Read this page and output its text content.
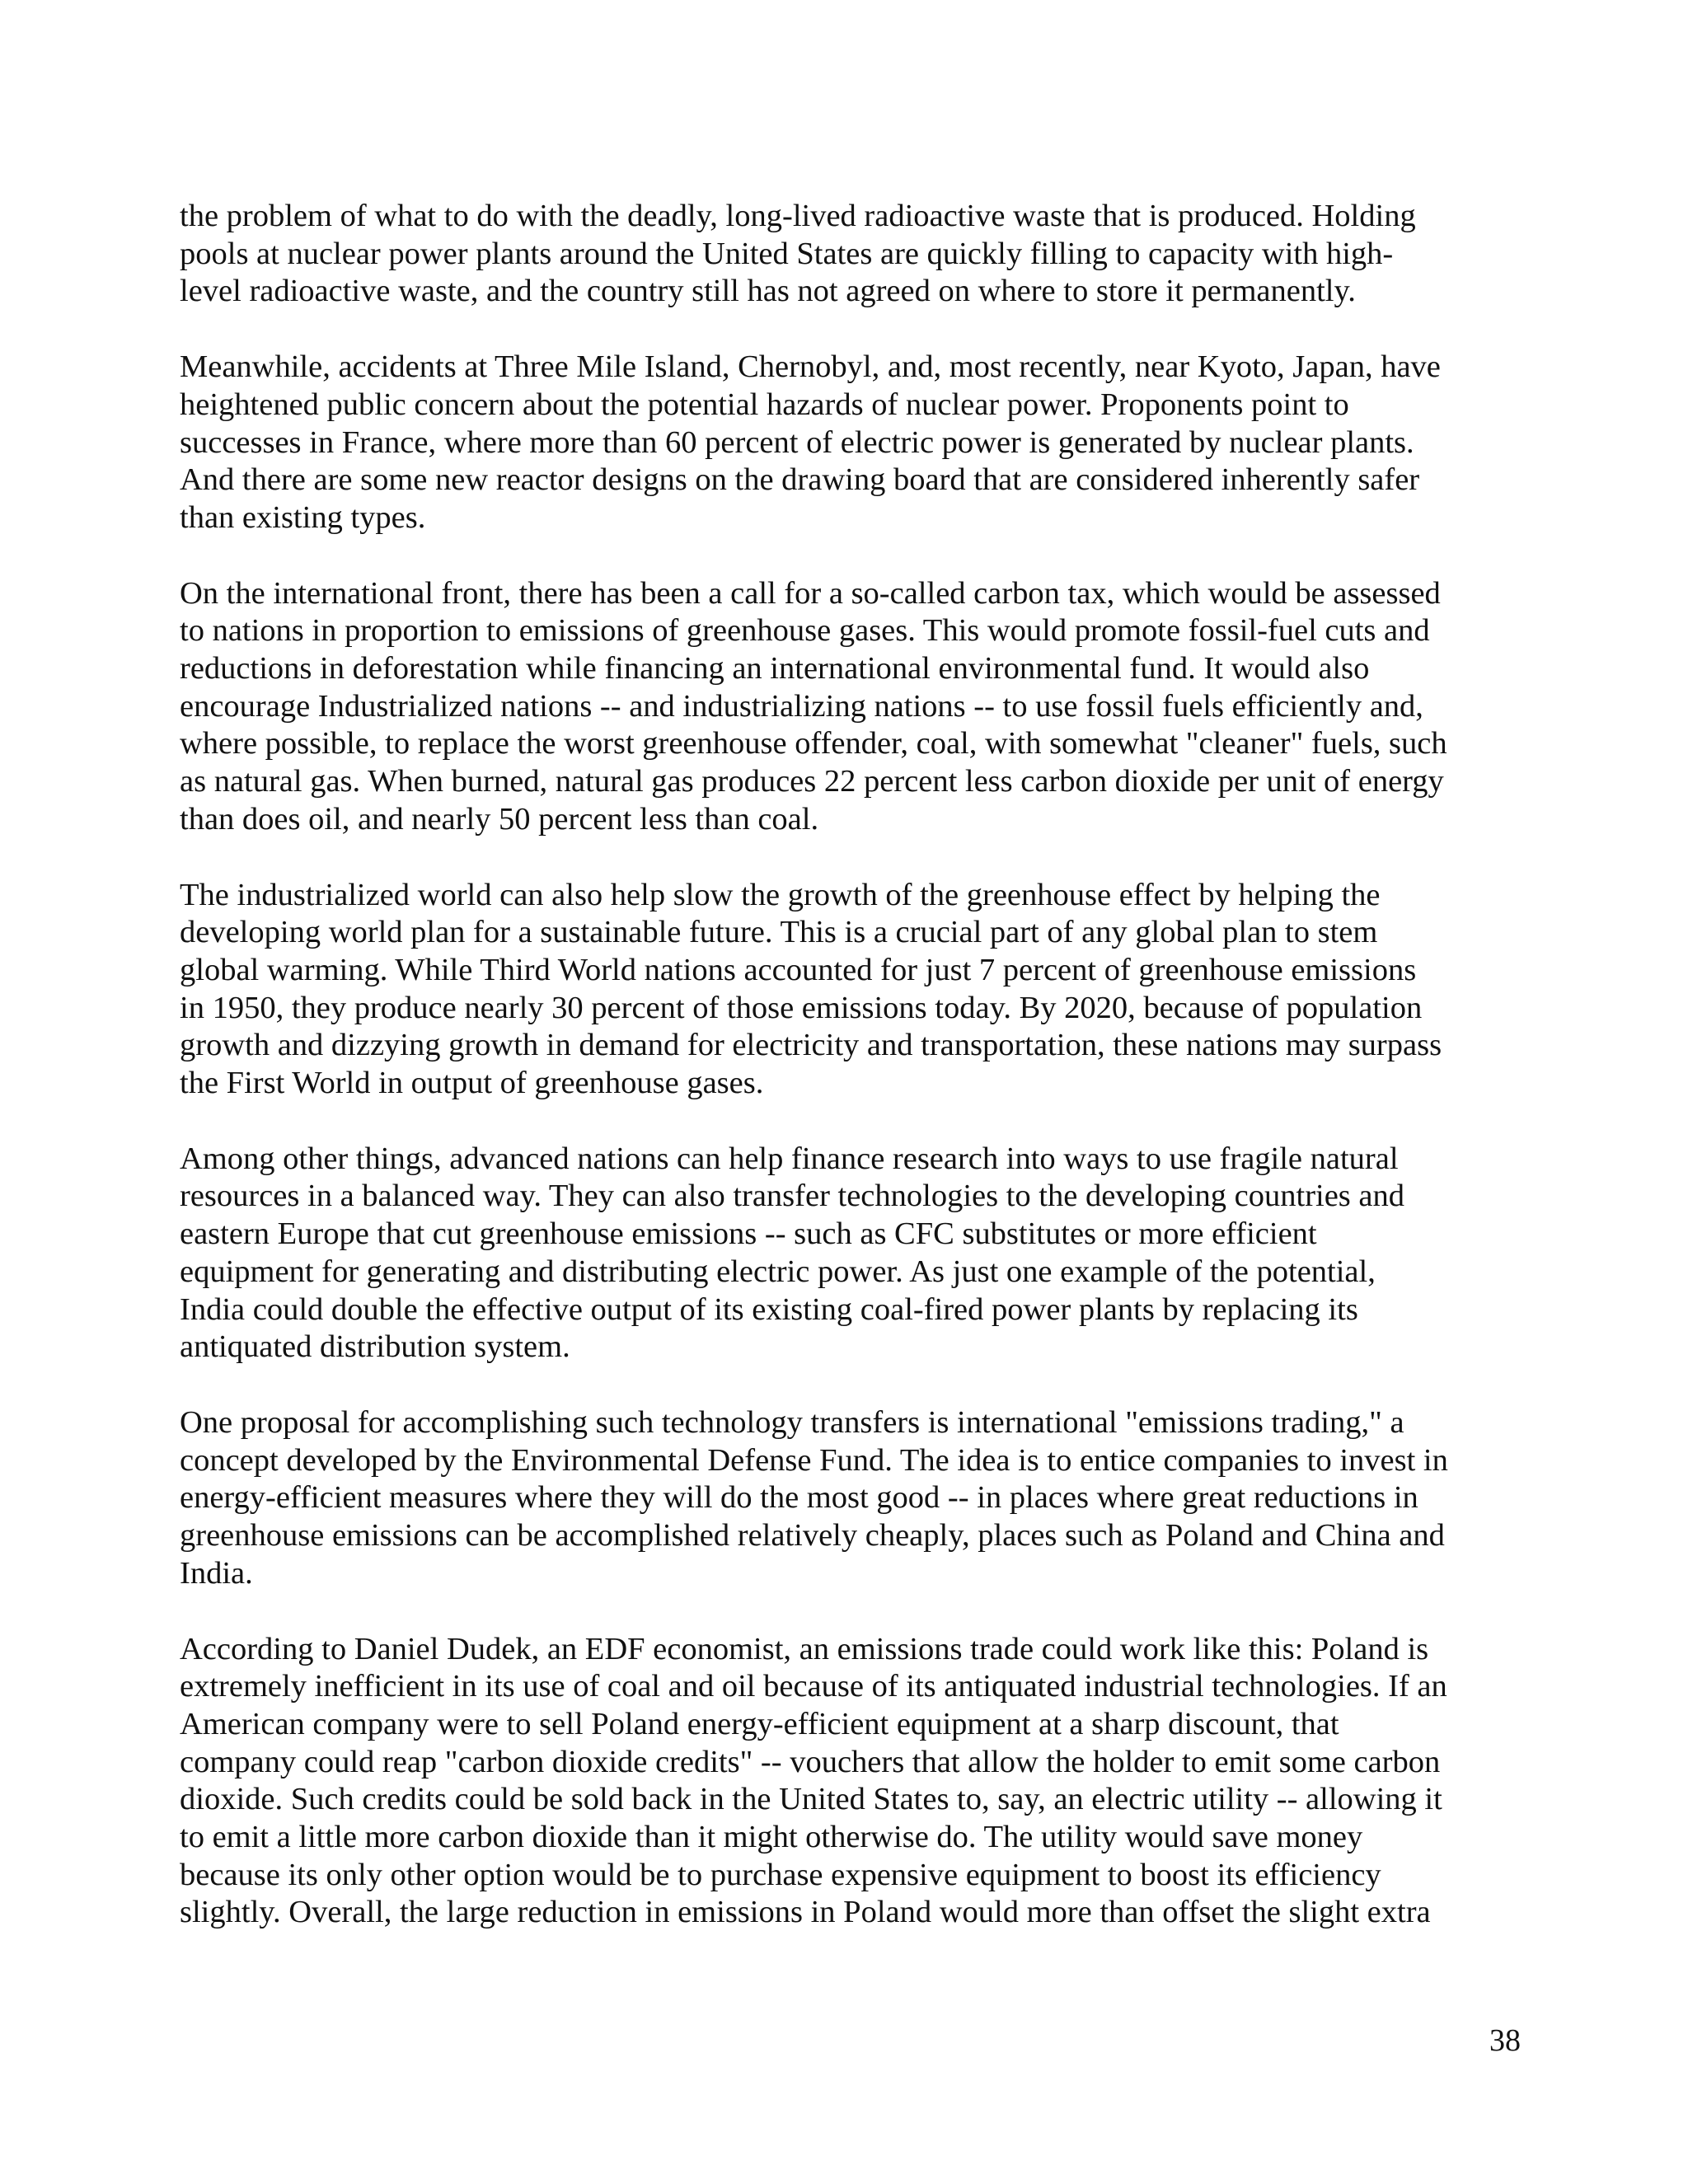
the problem of what to do with the deadly, long-lived radioactive waste that is produced. Holding
pools at nuclear power plants around the United States are quickly filling to capacity with high-
level radioactive waste, and the country still has not agreed on where to store it permanently.

Meanwhile, accidents at Three Mile Island, Chernobyl, and, most recently, near Kyoto, Japan, have
heightened public concern about the potential hazards of nuclear power. Proponents point to
successes in France, where more than 60 percent of electric power is generated by nuclear plants.
And there are some new reactor designs on the drawing board that are considered inherently safer
than existing types.

On the international front, there has been a call for a so-called carbon tax, which would be assessed
to nations in proportion to emissions of greenhouse gases. This would promote fossil-fuel cuts and
reductions in deforestation while financing an international environmental fund. It would also
encourage Industrialized nations -- and industrializing nations -- to use fossil fuels efficiently and,
where possible, to replace the worst greenhouse offender, coal, with somewhat "cleaner" fuels, such
as natural gas. When burned, natural gas produces 22 percent less carbon dioxide per unit of energy
than does oil, and nearly 50 percent less than coal.

The industrialized world can also help slow the growth of the greenhouse effect by helping the
developing world plan for a sustainable future. This is a crucial part of any global plan to stem
global warming. While Third World nations accounted for just 7 percent of greenhouse emissions
in 1950, they produce nearly 30 percent of those emissions today. By 2020, because of population
growth and dizzying growth in demand for electricity and transportation, these nations may surpass
the First World in output of greenhouse gases.

Among other things, advanced nations can help finance research into ways to use fragile natural
resources in a balanced way. They can also transfer technologies to the developing countries and
eastern Europe that cut greenhouse emissions -- such as CFC substitutes or more efficient
equipment for generating and distributing electric power. As just one example of the potential,
India could double the effective output of its existing coal-fired power plants by replacing its
antiquated distribution system.

One proposal for accomplishing such technology transfers is international "emissions trading," a
concept developed by the Environmental Defense Fund. The idea is to entice companies to invest in
energy-efficient measures where they will do the most good -- in places where great reductions in
greenhouse emissions can be accomplished relatively cheaply, places such as Poland and China and
India.

According to Daniel Dudek, an EDF economist, an emissions trade could work like this: Poland is
extremely inefficient in its use of coal and oil because of its antiquated industrial technologies. If an
American company were to sell Poland energy-efficient equipment at a sharp discount, that
company could reap "carbon dioxide credits" -- vouchers that allow the holder to emit some carbon
dioxide. Such credits could be sold back in the United States to, say, an electric utility -- allowing it
to emit a little more carbon dioxide than it might otherwise do. The utility would save money
because its only other option would be to purchase expensive equipment to boost its efficiency
slightly. Overall, the large reduction in emissions in Poland would more than offset the slight extra

38
